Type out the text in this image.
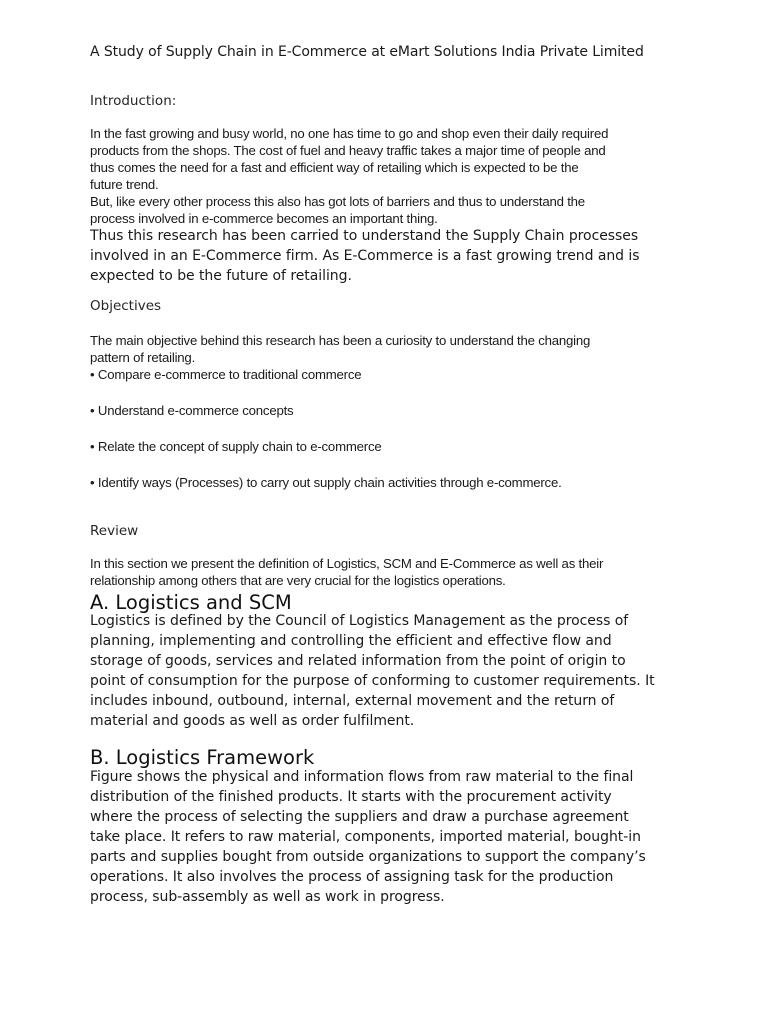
A Study of Supply Chain in E-Commerce at eMart Solutions India Private Limited
Introduction:
In the fast growing and busy world, no one has time to go and shop even their daily required
products from the shops. The cost of fuel and heavy traffic takes a major time of people and
thus comes the need for a fast and efficient way of retailing which is expected to be the
future trend.
But, like every other process this also has got lots of barriers and thus to understand the
process involved in e-commerce becomes an important thing.
Thus this research has been carried to understand the Supply Chain processes
involved in an E-Commerce firm. As E-Commerce is a fast growing trend and is
expected to be the future of retailing.
Objectives
The main objective behind this research has been a curiosity to understand the changing
pattern of retailing.
• Compare e-commerce to traditional commerce
• Understand e-commerce concepts
• Relate the concept of supply chain to e-commerce
• Identify ways (Processes) to carry out supply chain activities through e-commerce.
Review
In this section we present the definition of Logistics, SCM and E-Commerce as well as their
relationship among others that are very crucial for the logistics operations.
A. Logistics and SCM
Logistics is defined by the Council of Logistics Management as the process of
planning, implementing and controlling the efficient and effective flow and
storage of goods, services and related information from the point of origin to
point of consumption for the purpose of conforming to customer requirements. It
includes inbound, outbound, internal, external movement and the return of
material and goods as well as order fulfilment.
B. Logistics Framework
Figure shows the physical and information flows from raw material to the final
distribution of the finished products. It starts with the procurement activity
where the process of selecting the suppliers and draw a purchase agreement
take place. It refers to raw material, components, imported material, bought-in
parts and supplies bought from outside organizations to support the company’s
operations. It also involves the process of assigning task for the production
process, sub-assembly as well as work in progress.
